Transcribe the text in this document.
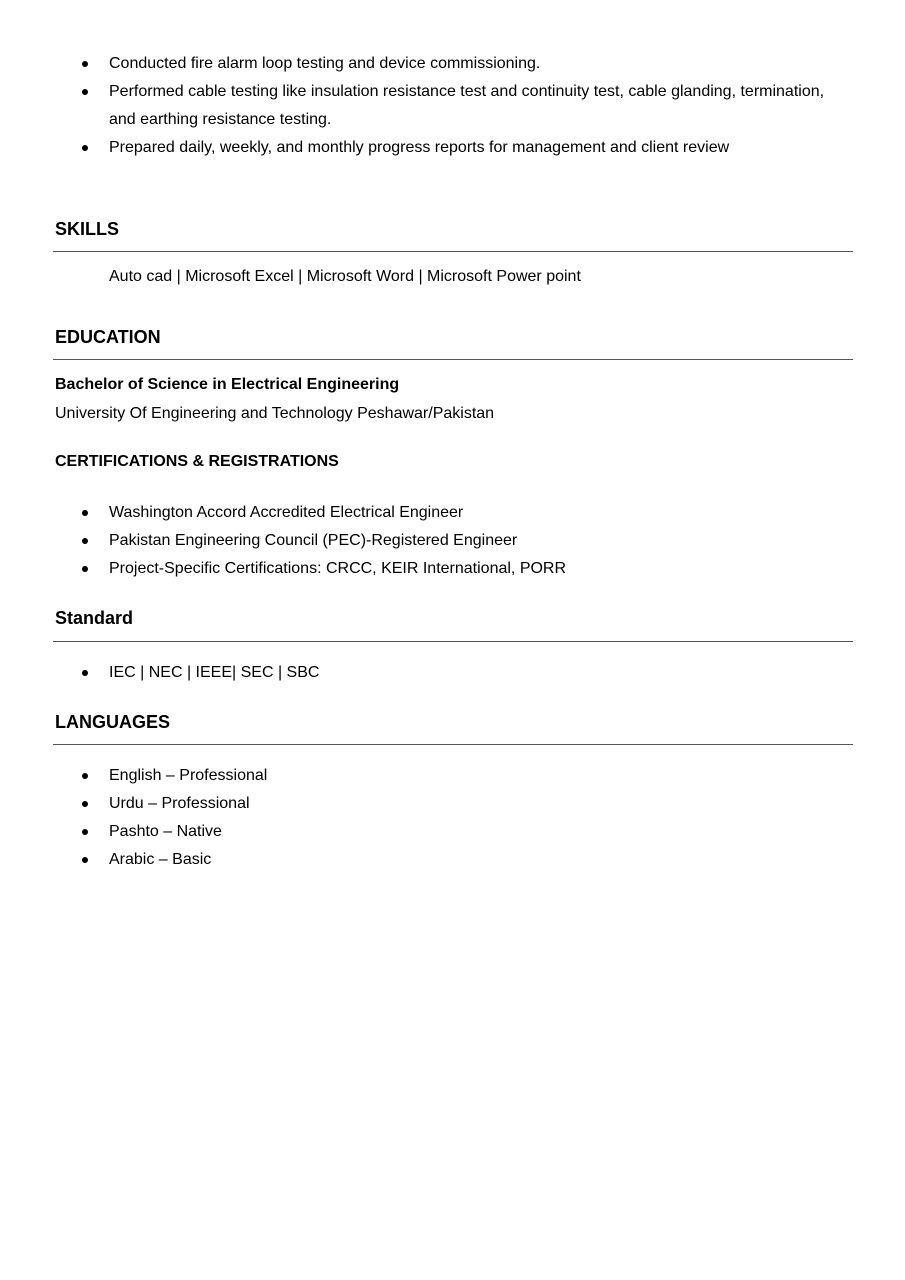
Conducted fire alarm loop testing and device commissioning.
Performed cable testing like insulation resistance test and continuity test, cable glanding, termination,
and earthing resistance testing.
Prepared daily, weekly, and monthly progress reports for management and client review
SKILLS
Auto cad | Microsoft Excel | Microsoft Word | Microsoft Power point
EDUCATION
Bachelor of Science in Electrical Engineering
University Of Engineering and Technology Peshawar/Pakistan
CERTIFICATIONS & REGISTRATIONS
Washington Accord Accredited Electrical Engineer
Pakistan Engineering Council (PEC)-Registered Engineer
Project-Specific Certifications: CRCC, KEIR International, PORR
Standard
IEC | NEC | IEEE| SEC | SBC
LANGUAGES
English – Professional
Urdu – Professional
Pashto – Native
Arabic – Basic
